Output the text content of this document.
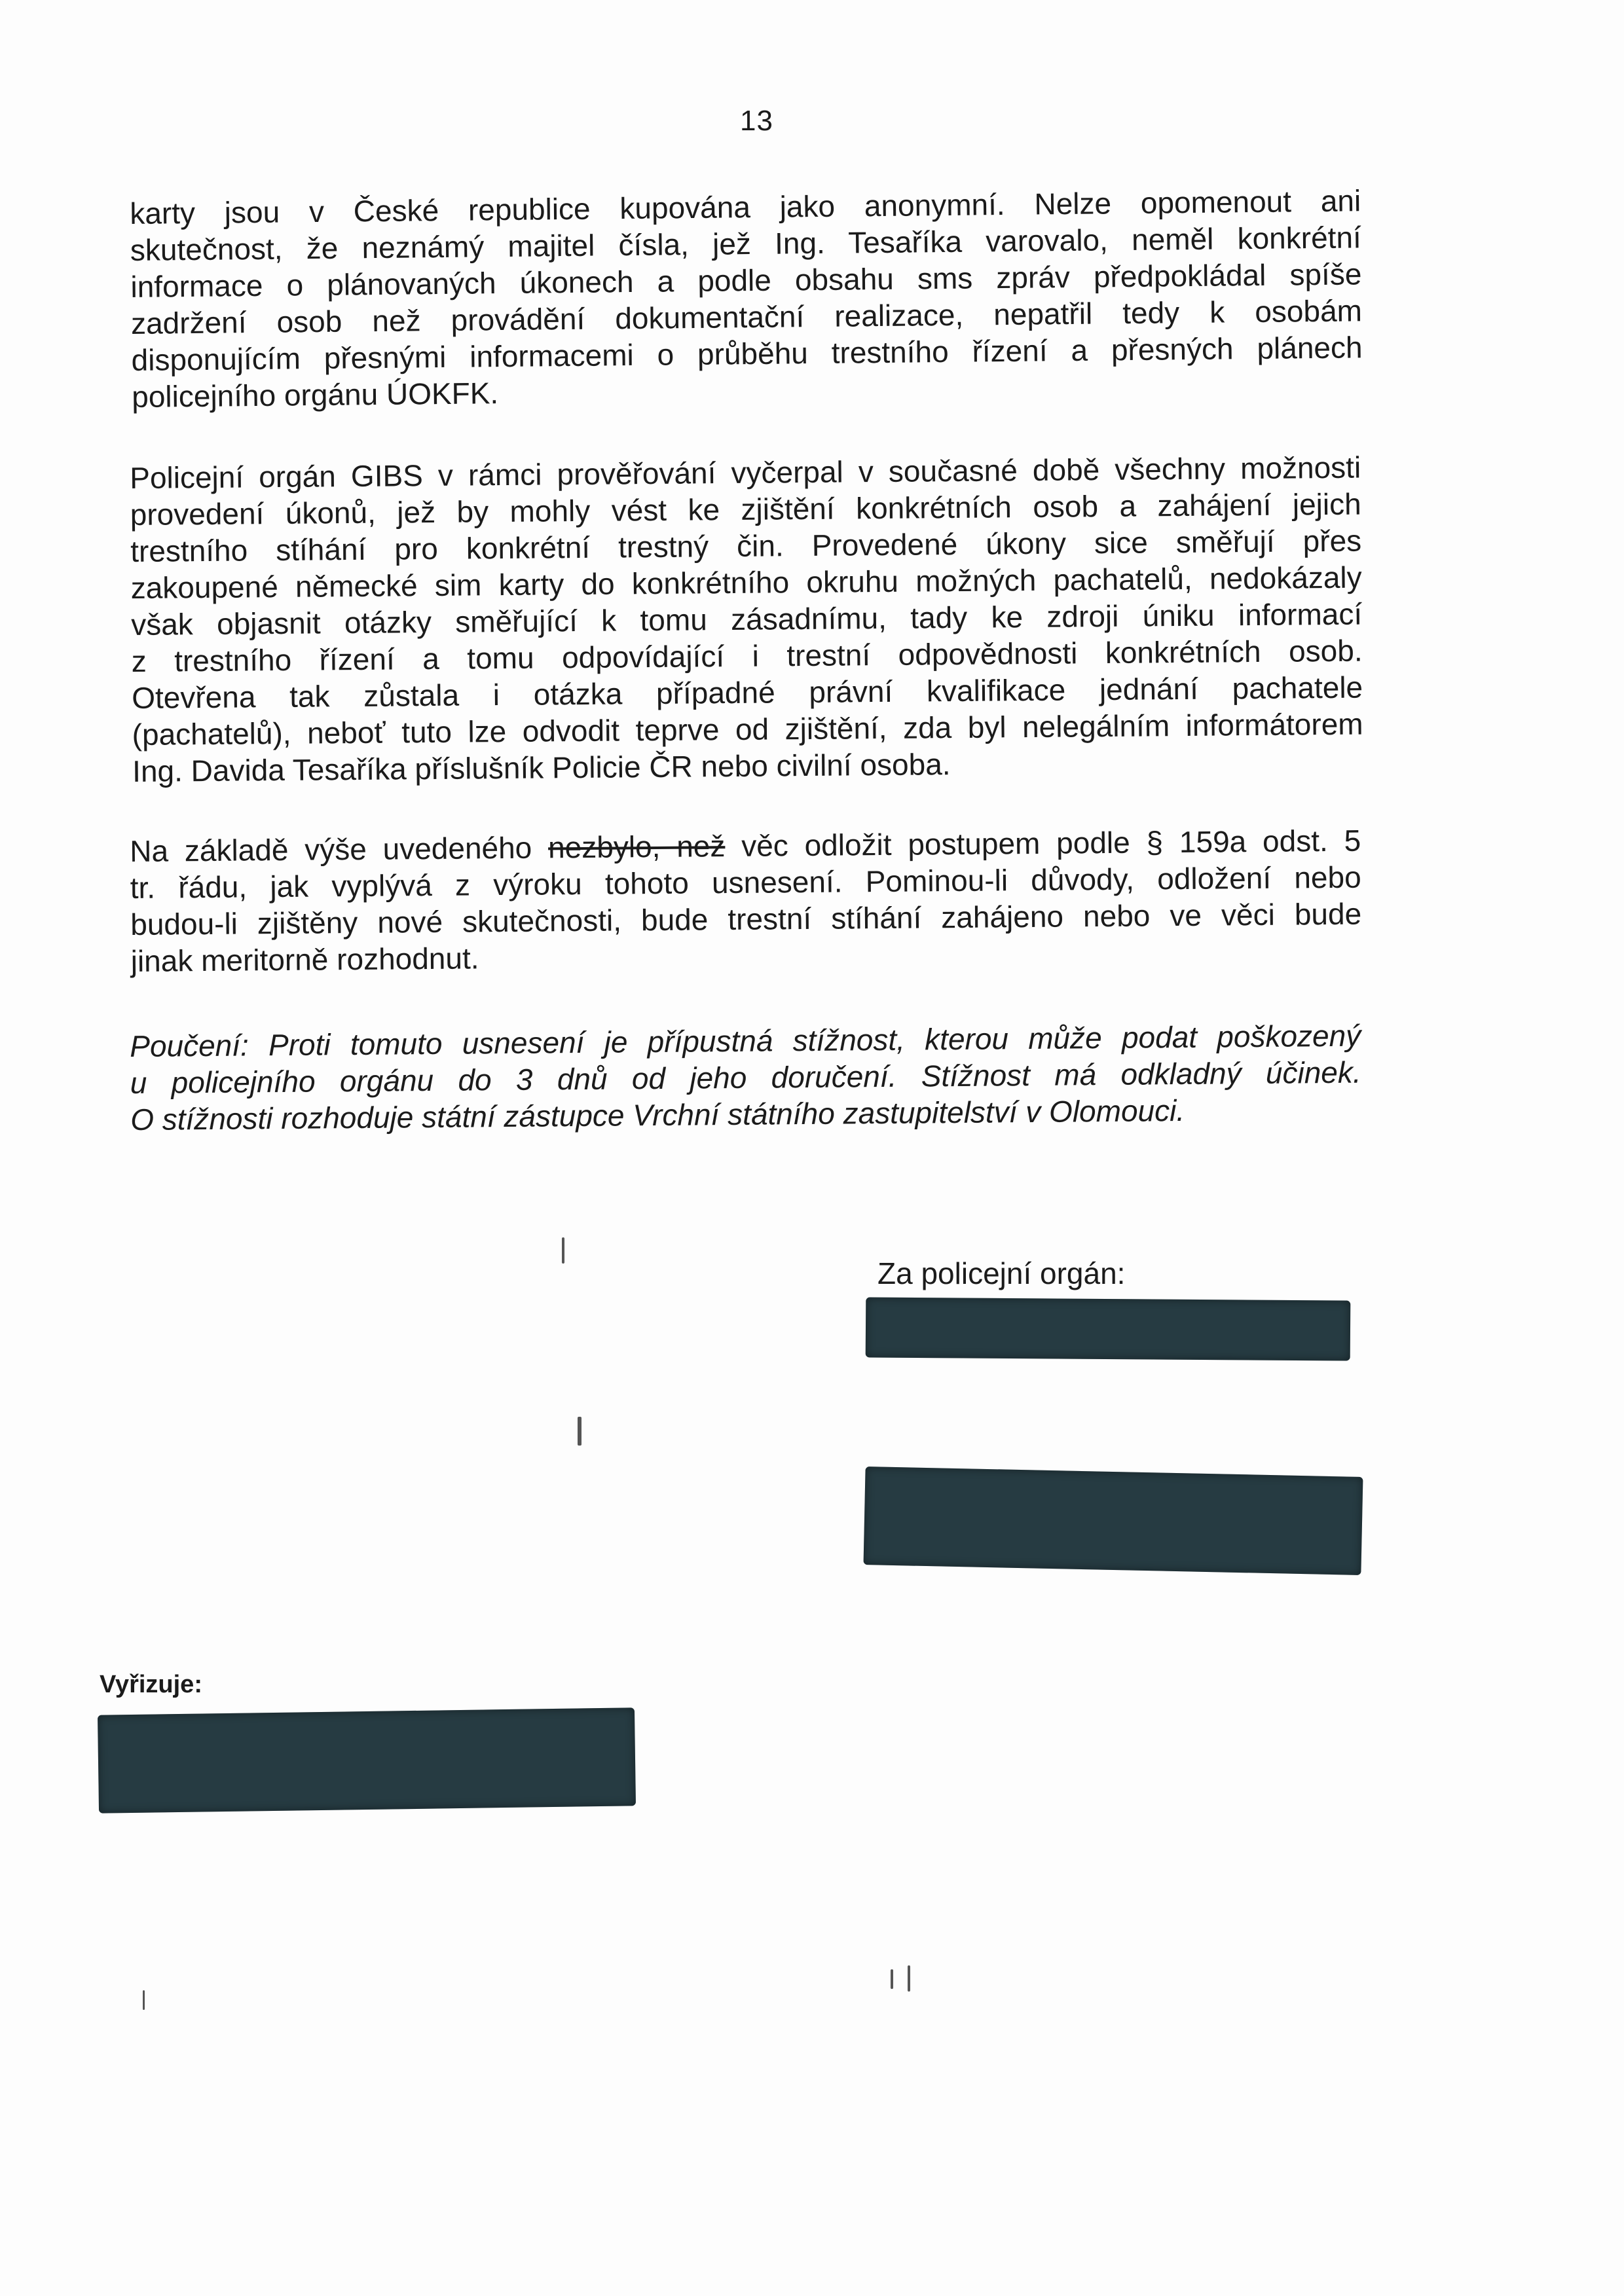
13
karty jsou v České republice kupována jako anonymní. Nelze opomenout ani
skutečnost, že neznámý majitel čísla, jež Ing. Tesaříka varovalo, neměl konkrétní
informace o plánovaných úkonech a podle obsahu sms zpráv předpokládal spíše
zadržení osob než provádění dokumentační realizace, nepatřil tedy k osobám
disponujícím přesnými informacemi o průběhu trestního řízení a přesných plánech
policejního orgánu ÚOKFK.
Policejní orgán GIBS v rámci prověřování vyčerpal v současné době všechny možnosti
provedení úkonů, jež by mohly vést ke zjištění konkrétních osob a zahájení jejich
trestního stíhání pro konkrétní trestný čin. Provedené úkony sice směřují přes
zakoupené německé sim karty do konkrétního okruhu možných pachatelů, nedokázaly
však objasnit otázky směřující k tomu zásadnímu, tady ke zdroji úniku informací
z trestního řízení a tomu odpovídající i trestní odpovědnosti konkrétních osob.
Otevřena tak zůstala i otázka případné právní kvalifikace jednání pachatele
(pachatelů), neboť tuto lze odvodit teprve od zjištění, zda byl nelegálním informátorem
Ing. Davida Tesaříka příslušník Policie ČR nebo civilní osoba.
Na základě výše uvedeného nezbylo, než věc odložit postupem podle § 159a odst. 5
tr. řádu, jak vyplývá z výroku tohoto usnesení. Pominou-li důvody, odložení nebo
budou-li zjištěny nové skutečnosti, bude trestní stíhání zahájeno nebo ve věci bude
jinak meritorně rozhodnut.
Poučení: Proti tomuto usnesení je přípustná stížnost, kterou může podat poškozený
u policejního orgánu do 3 dnů od jeho doručení. Stížnost má odkladný účinek.
O stížnosti rozhoduje státní zástupce Vrchní státního zastupitelství v Olomouci.
Za policejní orgán:
Vyřizuje:
